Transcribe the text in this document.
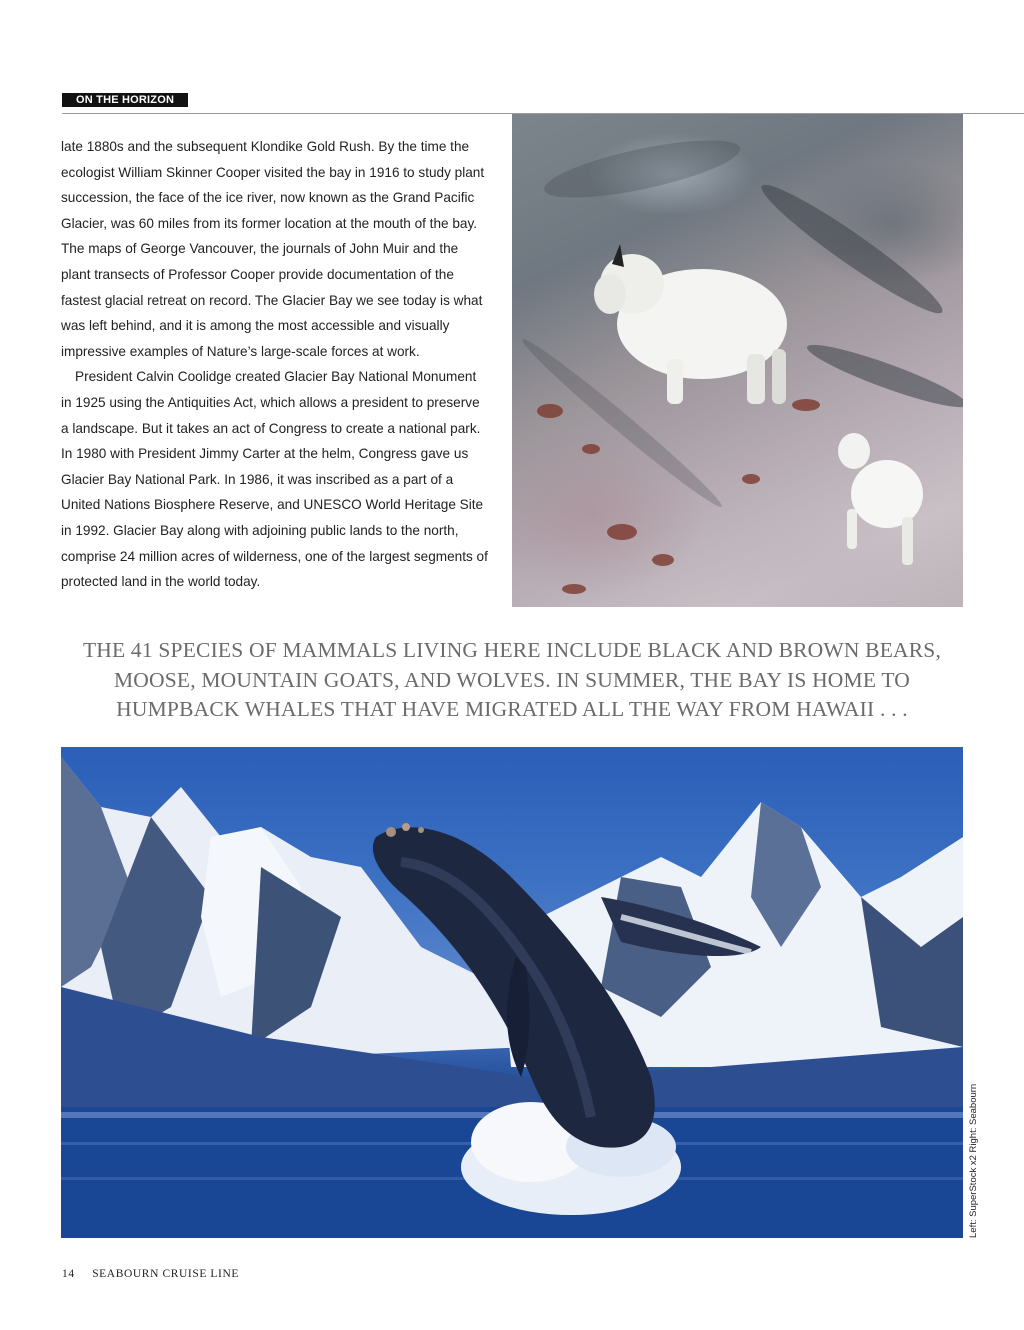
ON THE HORIZON

late 1880s and the subsequent Klondike Gold Rush. By the time the ecologist William Skinner Cooper visited the bay in 1916 to study plant succession, the face of the ice river, now known as the Grand Pacific Glacier, was 60 miles from its former location at the mouth of the bay. The maps of George Vancouver, the journals of John Muir and the plant transects of Professor Cooper provide documentation of the fastest glacial retreat on record. The Glacier Bay we see today is what was left behind, and it is among the most accessible and visually impressive examples of Nature’s large-scale forces at work.

President Calvin Coolidge created Glacier Bay National Monument in 1925 using the Antiquities Act, which allows a president to preserve a landscape. But it takes an act of Congress to create a national park. In 1980 with President Jimmy Carter at the helm, Congress gave us Glacier Bay National Park. In 1986, it was inscribed as a part of a United Nations Biosphere Reserve, and UNESCO World Heritage Site in 1992. Glacier Bay along with adjoining public lands to the north, comprise 24 million acres of wilderness, one of the largest segments of protected land in the world today.

THE 41 SPECIES OF MAMMALS LIVING HERE INCLUDE BLACK AND BROWN BEARS,
MOOSE, MOUNTAIN GOATS, AND WOLVES. IN SUMMER, THE BAY IS HOME TO
HUMPBACK WHALES THAT HAVE MIGRATED ALL THE WAY FROM HAWAII . . .
Left: SuperStock x2 Right: Seabourn
14 SEABOURN CRUISE LINE
